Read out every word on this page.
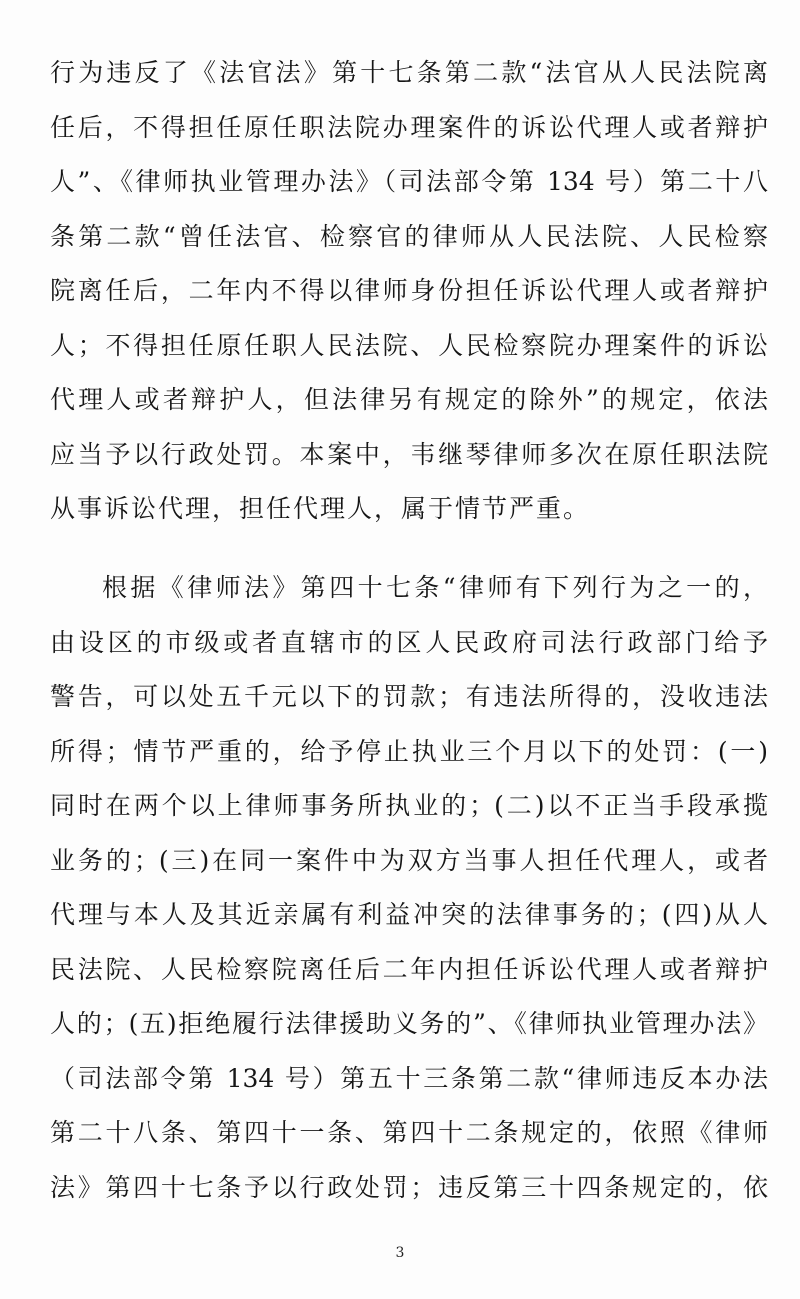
行为违反了《法官法》第十七条第二款“法官从人民法院离
任后，不得担任原任职法院办理案件的诉讼代理人或者辩护
人”、《律师执业管理办法》（司法部令第 134 号）第二十八
条第二款“曾任法官、检察官的律师从人民法院、人民检察
院离任后，二年内不得以律师身份担任诉讼代理人或者辩护
人；不得担任原任职人民法院、人民检察院办理案件的诉讼
代理人或者辩护人，但法律另有规定的除外”的规定，依法
应当予以行政处罚。本案中，韦继琴律师多次在原任职法院
从事诉讼代理，担任代理人，属于情节严重。
根据《律师法》第四十七条“律师有下列行为之一的，
由设区的市级或者直辖市的区人民政府司法行政部门给予
警告，可以处五千元以下的罚款；有违法所得的，没收违法
所得；情节严重的，给予停止执业三个月以下的处罚：(一)
同时在两个以上律师事务所执业的；(二)以不正当手段承揽
业务的；(三)在同一案件中为双方当事人担任代理人，或者
代理与本人及其近亲属有利益冲突的法律事务的；(四)从人
民法院、人民检察院离任后二年内担任诉讼代理人或者辩护
人的；(五)拒绝履行法律援助义务的”、《律师执业管理办法》
（司法部令第 134 号）第五十三条第二款“律师违反本办法
第二十八条、第四十一条、第四十二条规定的，依照《律师
法》第四十七条予以行政处罚；违反第三十四条规定的，依
3
